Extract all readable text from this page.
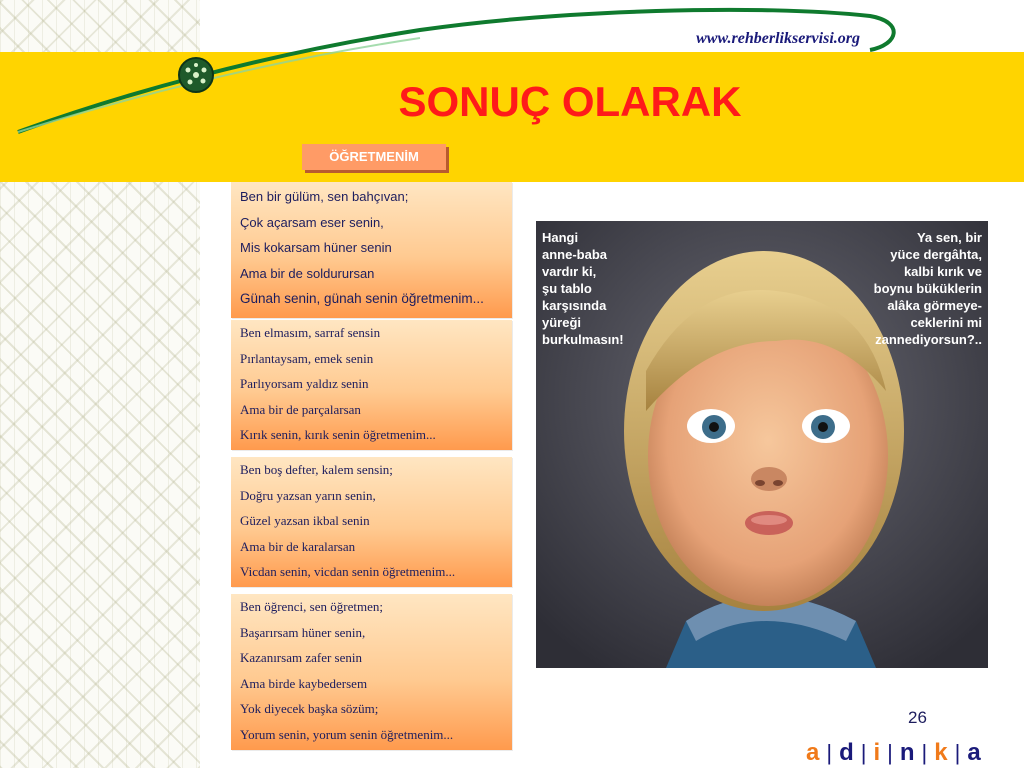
www.rehberlikservisi.org
SONUÇ OLARAK
ÖĞRETMENİM
Ben bir gülüm, sen bahçıvan;
Çok açarsam eser senin,
Mis kokarsam hüner senin
Ama bir de soldurursan
Günah senin, günah senin öğretmenim...
Ben elmasım, sarraf sensin
Pırlantaysam, emek senin
Parlıyorsam yaldız senin
Ama bir de parçalarsan
Kırık senin, kırık senin öğretmenim...
Ben boş defter, kalem sensin;
Doğru yazsan yarın senin,
Güzel yazsan ikbal senin
Ama bir de karalarsan
Vicdan senin, vicdan senin öğretmenim...
Ben öğrenci, sen öğretmen;
Başarırsam hüner senin,
Kazanırsam zafer senin
Ama birde kaybedersem
Yok diyecek başka sözüm;
Yorum senin, yorum senin öğretmenim...
Hangi
anne-baba
vardır ki,
şu tablo
karşısında
yüreği
burkulmasın!
Ya sen, bir
yüce dergâhta,
kalbi kırık ve
boynu büküklerin
alâka görmeye-
ceklerini mi
zannediyorsun?..
26
a | d | i | n | k | a
